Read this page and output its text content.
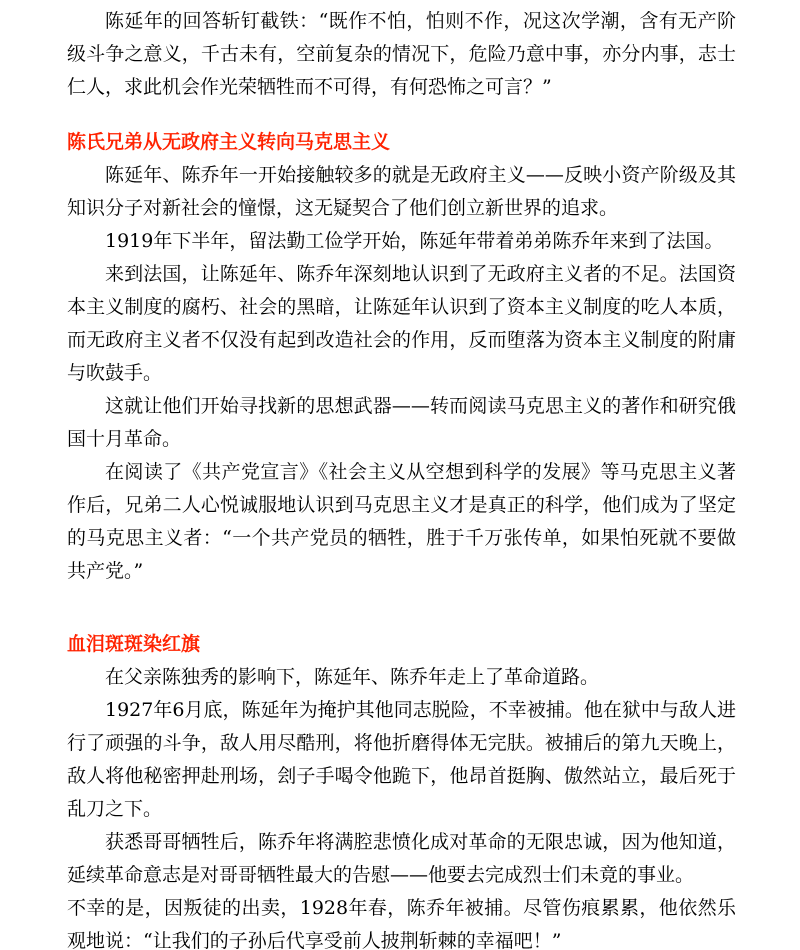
陈延年的回答斩钉截铁：“既作不怕，怕则不作，况这次学潮，含有无产阶级斗争之意义，千古未有，空前复杂的情况下，危险乃意中事，亦分内事，志士仁人，求此机会作光荣牺牲而不可得，有何恐怖之可言？”

陈氏兄弟从无政府主义转向马克思主义

陈延年、陈乔年一开始接触较多的就是无政府主义——反映小资产阶级及其知识分子对新社会的憧憬，这无疑契合了他们创立新世界的追求。

1919年下半年，留法勤工俭学开始，陈延年带着弟弟陈乔年来到了法国。

来到法国，让陈延年、陈乔年深刻地认识到了无政府主义者的不足。法国资本主义制度的腐朽、社会的黑暗，让陈延年认识到了资本主义制度的吃人本质，而无政府主义者不仅没有起到改造社会的作用，反而堕落为资本主义制度的附庸与吹鼓手。

这就让他们开始寻找新的思想武器——转而阅读马克思主义的著作和研究俄国十月革命。

在阅读了《共产党宣言》《社会主义从空想到科学的发展》等马克思主义著作后，兄弟二人心悦诚服地认识到马克思主义才是真正的科学，他们成为了坚定的马克思主义者：“一个共产党员的牺牲，胜于千万张传单，如果怕死就不要做共产党。”

血泪斑斑染红旗

在父亲陈独秀的影响下，陈延年、陈乔年走上了革命道路。

1927年6月底，陈延年为掩护其他同志脱险，不幸被捕。他在狱中与敌人进行了顽强的斗争，敌人用尽酷刑，将他折磨得体无完肤。被捕后的第九天晚上，敌人将他秘密押赴刑场，刽子手喝令他跪下，他昂首挺胸、傲然站立，最后死于乱刀之下。

获悉哥哥牺牲后，陈乔年将满腔悲愤化成对革命的无限忠诚，因为他知道，延续革命意志是对哥哥牺牲最大的告慰——他要去完成烈士们未竟的事业。

不幸的是，因叛徒的出卖，1928年春，陈乔年被捕。尽管伤痕累累，他依然乐观地说：“让我们的子孙后代享受前人披荆斩棘的幸福吧！”
